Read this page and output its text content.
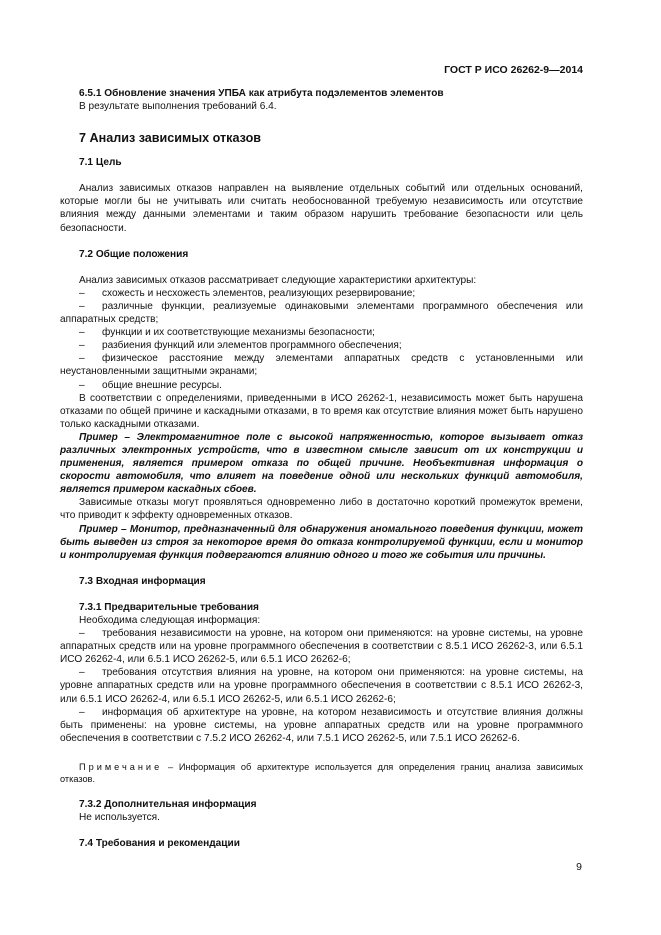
ГОСТ Р ИСО 26262-9—2014

6.5.1 Обновление значения УПБА как атрибута подэлементов элементов

В результате выполнения требований 6.4.

7 Анализ зависимых отказов

7.1 Цель

Анализ зависимых отказов направлен на выявление отдельных событий или отдельных оснований, которые могли бы не учитывать или считать необоснованной требуемую независимость или отсутствие влияния между данными элементами и таким образом нарушить требование безопасности или цель безопасности.

7.2 Общие положения

Анализ зависимых отказов рассматривает следующие характеристики архитектуры:

– схожесть и несхожесть элементов, реализующих резервирование;

– различные функции, реализуемые одинаковыми элементами программного обеспечения или аппаратных средств;

– функции и их соответствующие механизмы безопасности;

– разбиения функций или элементов программного обеспечения;

– физическое расстояние между элементами аппаратных средств с установленными или неустановленными защитными экранами;

– общие внешние ресурсы.

В соответствии с определениями, приведенными в ИСО 26262-1, независимость может быть нарушена отказами по общей причине и каскадными отказами, в то время как отсутствие влияния может быть нарушено только каскадными отказами.

Пример – Электромагнитное поле с высокой напряженностью, которое вызывает отказ различных электронных устройств, что в известном смысле зависит от их конструкции и применения, является примером отказа по общей причине. Необъективная информация о скорости автомобиля, что влияет на поведение одной или нескольких функций автомобиля, является примером каскадных сбоев.

Зависимые отказы могут проявляться одновременно либо в достаточно короткий промежуток времени, что приводит к эффекту одновременных отказов.

Пример – Монитор, предназначенный для обнаружения аномального поведения функции, может быть выведен из строя за некоторое время до отказа контролируемой функции, если и монитор и контролируемая функция подвергаются влиянию одного и того же события или причины.

7.3 Входная информация

7.3.1 Предварительные требования

Необходима следующая информация:

– требования независимости на уровне, на котором они применяются: на уровне системы, на уровне аппаратных средств или на уровне программного обеспечения в соответствии с 8.5.1 ИСО 26262-3, или 6.5.1 ИСО 26262-4, или 6.5.1 ИСО 26262-5, или 6.5.1 ИСО 26262-6;

– требования отсутствия влияния на уровне, на котором они применяются: на уровне системы, на уровне аппаратных средств или на уровне программного обеспечения в соответствии с 8.5.1 ИСО 26262-3, или 6.5.1 ИСО 26262-4, или 6.5.1 ИСО 26262-5, или 6.5.1 ИСО 26262-6;

– информация об архитектуре на уровне, на котором независимость и отсутствие влияния должны быть применены: на уровне системы, на уровне аппаратных средств или на уровне программного обеспечения в соответствии с 7.5.2 ИСО 26262-4, или 7.5.1 ИСО 26262-5, или 7.5.1 ИСО 26262-6.

Примечание – Информация об архитектуре используется для определения границ анализа зависимых отказов.

7.3.2 Дополнительная информация

Не используется.

7.4 Требования и рекомендации

9
